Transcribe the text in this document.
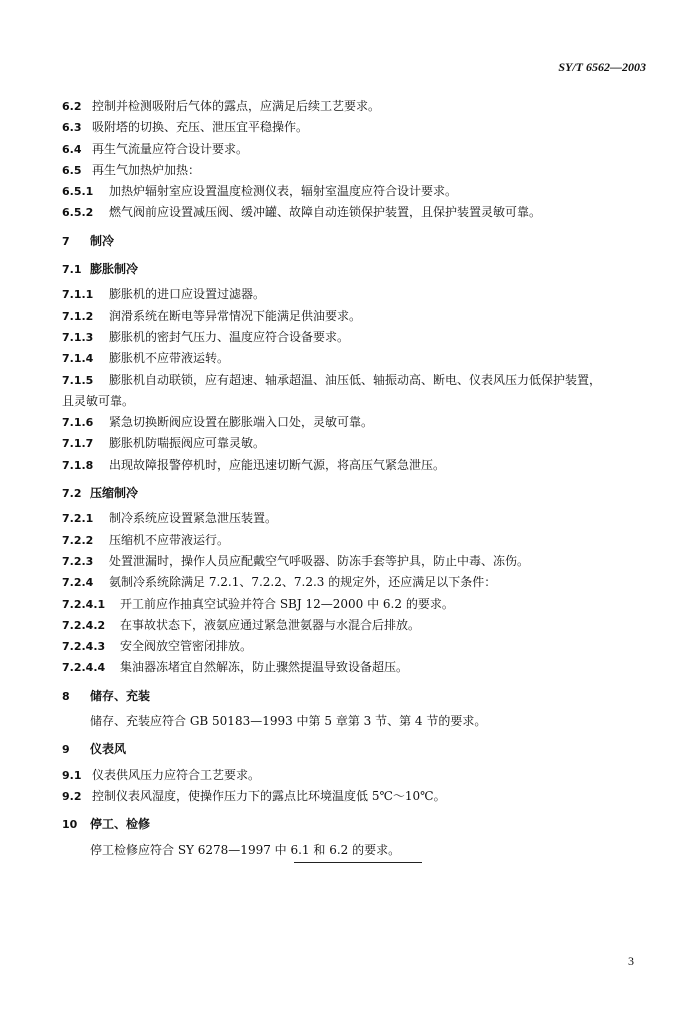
SY/T 6562—2003
6.2 控制并检测吸附后气体的露点，应满足后续工艺要求。
6.3 吸附塔的切换、充压、泄压宜平稳操作。
6.4 再生气流量应符合设计要求。
6.5 再生气加热炉加热：
6.5.1	加热炉辐射室应设置温度检测仪表，辐射室温度应符合设计要求。
6.5.2	燃气阀前应设置减压阀、缓冲罐、故障自动连锁保护装置，且保护装置灵敏可靠。
7	制冷
7.1 膨胀制冷
7.1.1	膨胀机的进口应设置过滤器。
7.1.2	润滑系统在断电等异常情况下能满足供油要求。
7.1.3	膨胀机的密封气压力、温度应符合设备要求。
7.1.4	膨胀机不应带液运转。
7.1.5	膨胀机自动联锁，应有超速、轴承超温、油压低、轴振动高、断电、仪表风压力低保护装置，
且灵敏可靠。
7.1.6	紧急切换断阀应设置在膨胀端入口处，灵敏可靠。
7.1.7	膨胀机防喘振阀应可靠灵敏。
7.1.8	出现故障报警停机时，应能迅速切断气源，将高压气紧急泄压。
7.2 压缩制冷
7.2.1	制冷系统应设置紧急泄压装置。
7.2.2	压缩机不应带液运行。
7.2.3	处置泄漏时，操作人员应配戴空气呼吸器、防冻手套等护具，防止中毒、冻伤。
7.2.4	氨制冷系统除满足 7.2.1、7.2.2、7.2.3 的规定外，还应满足以下条件：
7.2.4.1	开工前应作抽真空试验并符合 SBJ 12—2000 中 6.2 的要求。
7.2.4.2	在事故状态下，液氨应通过紧急泄氨器与水混合后排放。
7.2.4.3	安全阀放空管密闭排放。
7.2.4.4	集油器冻堵宜自然解冻，防止骤然提温导致设备超压。
8	储存、充装
储存、充装应符合 GB 50183—1993 中第 5 章第 3 节、第 4 节的要求。
9	仪表风
9.1 仪表供风压力应符合工艺要求。
9.2 控制仪表风湿度，使操作压力下的露点比环境温度低 5℃～10℃。
10	停工、检修
停工检修应符合 SY 6278—1997 中 6.1 和 6.2 的要求。
3
